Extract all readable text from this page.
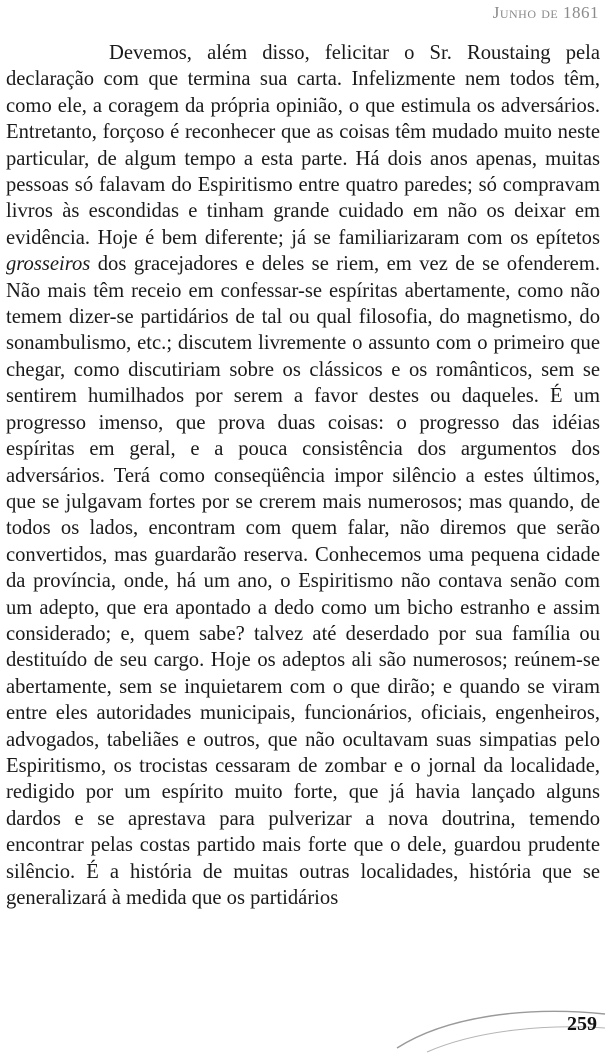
Junho de 1861

Devemos, além disso, felicitar o Sr. Roustaing pela declaração com que termina sua carta. Infelizmente nem todos têm, como ele, a coragem da própria opinião, o que estimula os adversários. Entretanto, forçoso é reconhecer que as coisas têm mudado muito neste particular, de algum tempo a esta parte. Há dois anos apenas, muitas pessoas só falavam do Espiritismo entre quatro paredes; só compravam livros às escondidas e tinham grande cuidado em não os deixar em evidência. Hoje é bem diferente; já se familiarizaram com os epítetos grosseiros dos gracejadores e deles se riem, em vez de se ofenderem. Não mais têm receio em confessar-se espíritas abertamente, como não temem dizer-se partidários de tal ou qual filosofia, do magnetismo, do sonambulismo, etc.; discutem livremente o assunto com o primeiro que chegar, como discutiriam sobre os clássicos e os românticos, sem se sentirem humilhados por serem a favor destes ou daqueles. É um progresso imenso, que prova duas coisas: o progresso das idéias espíritas em geral, e a pouca consistência dos argumentos dos adversários. Terá como conseqüência impor silêncio a estes últimos, que se julgavam fortes por se crerem mais numerosos; mas quando, de todos os lados, encontram com quem falar, não diremos que serão convertidos, mas guardarão reserva. Conhecemos uma pequena cidade da província, onde, há um ano, o Espiritismo não contava senão com um adepto, que era apontado a dedo como um bicho estranho e assim considerado; e, quem sabe? talvez até deserdado por sua família ou destituído de seu cargo. Hoje os adeptos ali são numerosos; reúnem-se abertamente, sem se inquietarem com o que dirão; e quando se viram entre eles autoridades municipais, funcionários, oficiais, engenheiros, advogados, tabeliães e outros, que não ocultavam suas simpatias pelo Espiritismo, os trocistas cessaram de zombar e o jornal da localidade, redigido por um espírito muito forte, que já havia lançado alguns dardos e se aprestava para pulverizar a nova doutrina, temendo encontrar pelas costas partido mais forte que o dele, guardou prudente silêncio. É a história de muitas outras localidades, história que se generalizará à medida que os partidários

259
